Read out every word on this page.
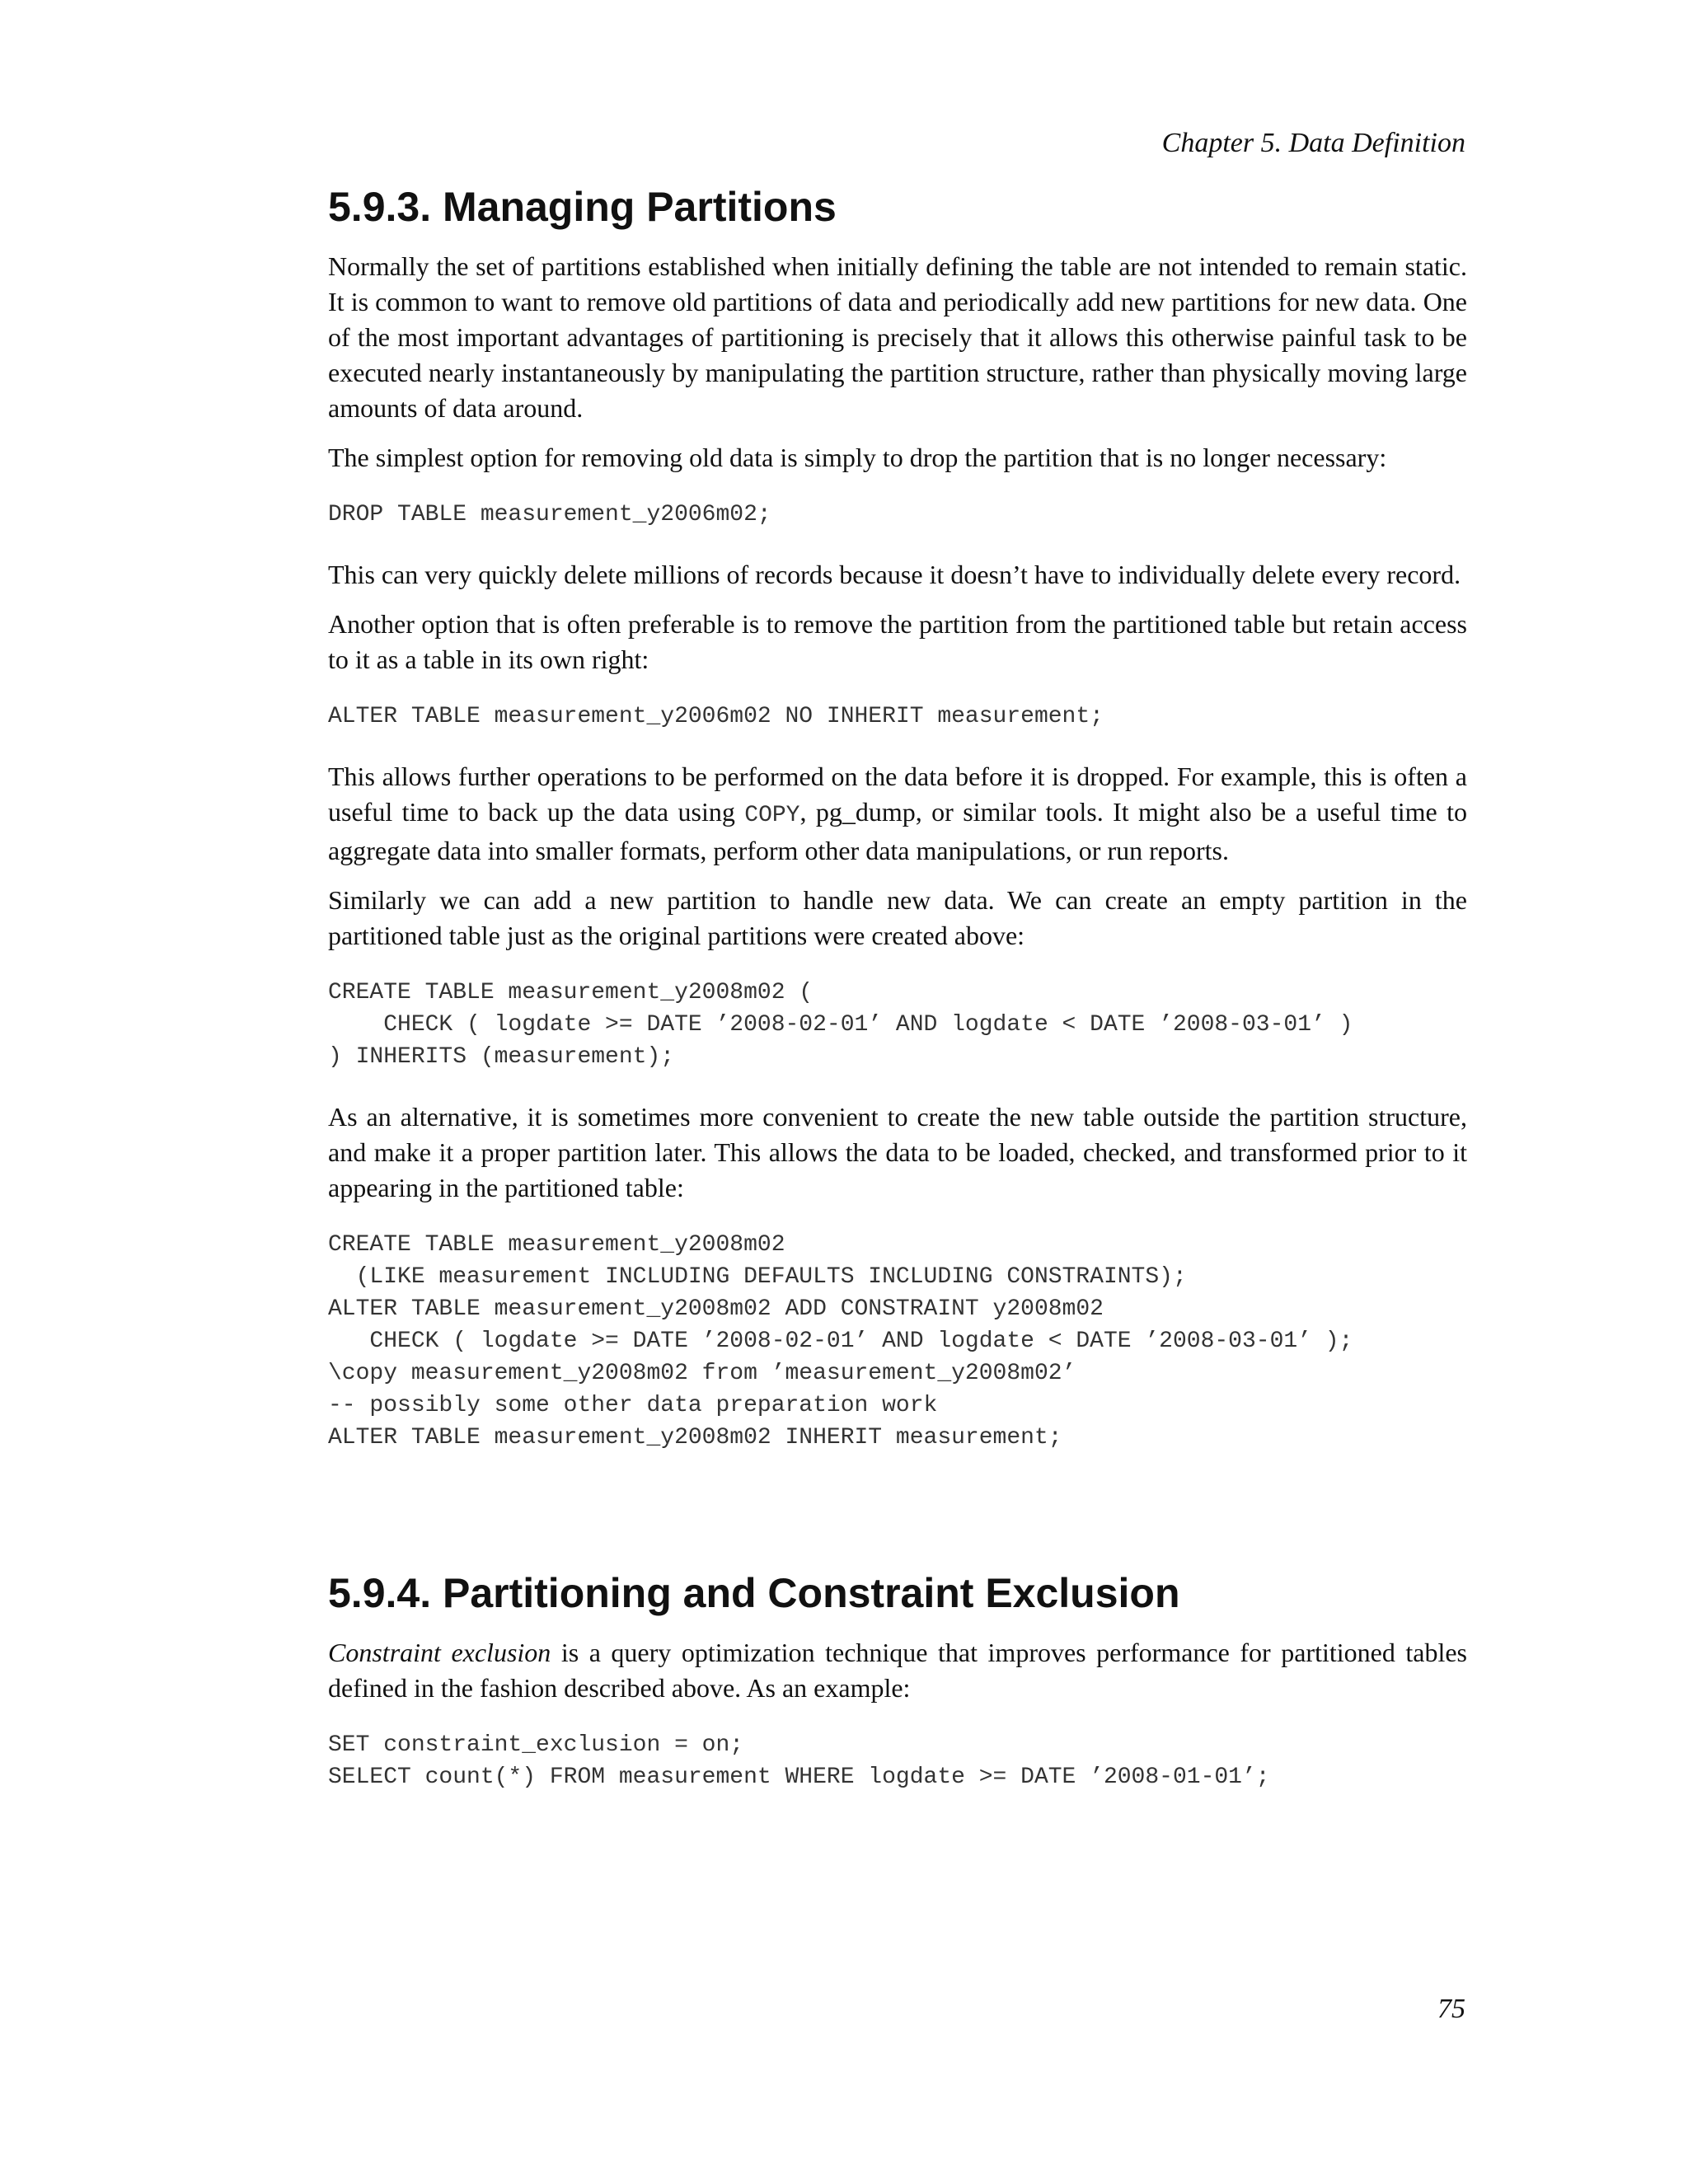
Chapter 5. Data Definition
5.9.3. Managing Partitions

Normally the set of partitions established when initially defining the table are not intended to remain static. It is common to want to remove old partitions of data and periodically add new partitions for new data. One of the most important advantages of partitioning is precisely that it allows this otherwise painful task to be executed nearly instantaneously by manipulating the partition structure, rather than physically moving large amounts of data around.

The simplest option for removing old data is simply to drop the partition that is no longer necessary:

DROP TABLE measurement_y2006m02;

This can very quickly delete millions of records because it doesn’t have to individually delete every record.

Another option that is often preferable is to remove the partition from the partitioned table but retain access to it as a table in its own right:

ALTER TABLE measurement_y2006m02 NO INHERIT measurement;

This allows further operations to be performed on the data before it is dropped. For example, this is often a useful time to back up the data using COPY, pg_dump, or similar tools. It might also be a useful time to aggregate data into smaller formats, perform other data manipulations, or run reports.

Similarly we can add a new partition to handle new data. We can create an empty partition in the partitioned table just as the original partitions were created above:

CREATE TABLE measurement_y2008m02 (
CHECK ( logdate >= DATE ’2008-02-01’ AND logdate < DATE ’2008-03-01’ )
) INHERITS (measurement);

As an alternative, it is sometimes more convenient to create the new table outside the partition structure, and make it a proper partition later. This allows the data to be loaded, checked, and transformed prior to it appearing in the partitioned table:

CREATE TABLE measurement_y2008m02
(LIKE measurement INCLUDING DEFAULTS INCLUDING CONSTRAINTS);
ALTER TABLE measurement_y2008m02 ADD CONSTRAINT y2008m02
CHECK ( logdate >= DATE ’2008-02-01’ AND logdate < DATE ’2008-03-01’ );
\copy measurement_y2008m02 from ’measurement_y2008m02’
-- possibly some other data preparation work
ALTER TABLE measurement_y2008m02 INHERIT measurement;
5.9.4. Partitioning and Constraint Exclusion

Constraint exclusion is a query optimization technique that improves performance for partitioned tables defined in the fashion described above. As an example:

SET constraint_exclusion = on;
SELECT count(*) FROM measurement WHERE logdate >= DATE ’2008-01-01’;
75
